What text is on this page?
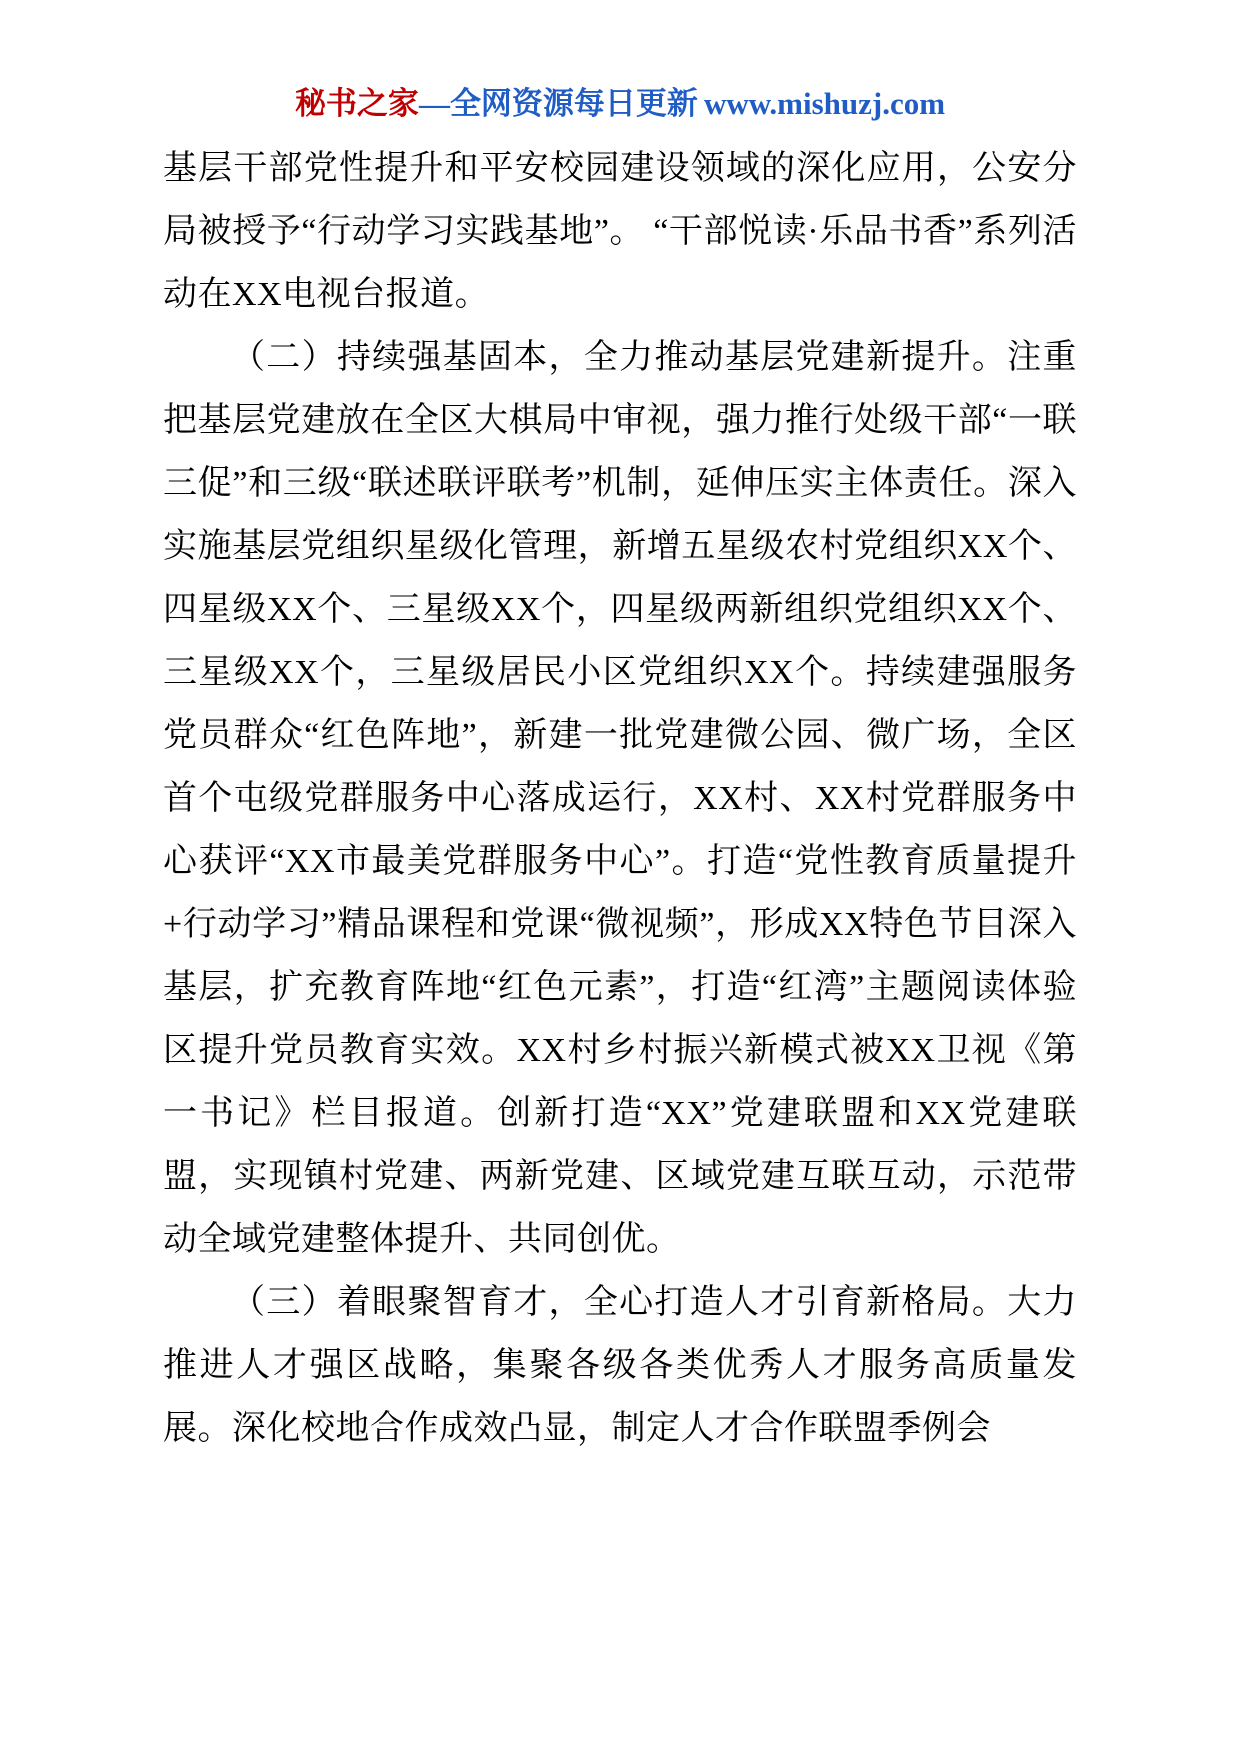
秘书之家—全网资源每日更新 www.mishuzj.com

基层干部党性提升和平安校园建设领域的深化应用，公安分局被授予“行动学习实践基地”。 “干部悦读·乐品书香”系列活动在XX电视台报道。

（二）持续强基固本，全力推动基层党建新提升。注重把基层党建放在全区大棋局中审视，强力推行处级干部“一联三促”和三级“联述联评联考”机制，延伸压实主体责任。深入实施基层党组织星级化管理，新增五星级农村党组织XX个、四星级XX个、三星级XX个，四星级两新组织党组织XX个、三星级XX个，三星级居民小区党组织XX个。持续建强服务党员群众“红色阵地”，新建一批党建微公园、微广场，全区首个屯级党群服务中心落成运行，XX村、XX村党群服务中心获评“XX市最美党群服务中心”。打造“党性教育质量提升+行动学习”精品课程和党课“微视频”，形成XX特色节目深入基层，扩充教育阵地“红色元素”，打造“红湾”主题阅读体验区提升党员教育实效。XX村乡村振兴新模式被XX卫视《第一书记》栏目报道。创新打造“XX”党建联盟和XX党建联盟，实现镇村党建、两新党建、区域党建互联互动，示范带动全域党建整体提升、共同创优。

（三）着眼聚智育才，全心打造人才引育新格局。大力推进人才强区战略，集聚各级各类优秀人才服务高质量发展。深化校地合作成效凸显，制定人才合作联盟季例会
